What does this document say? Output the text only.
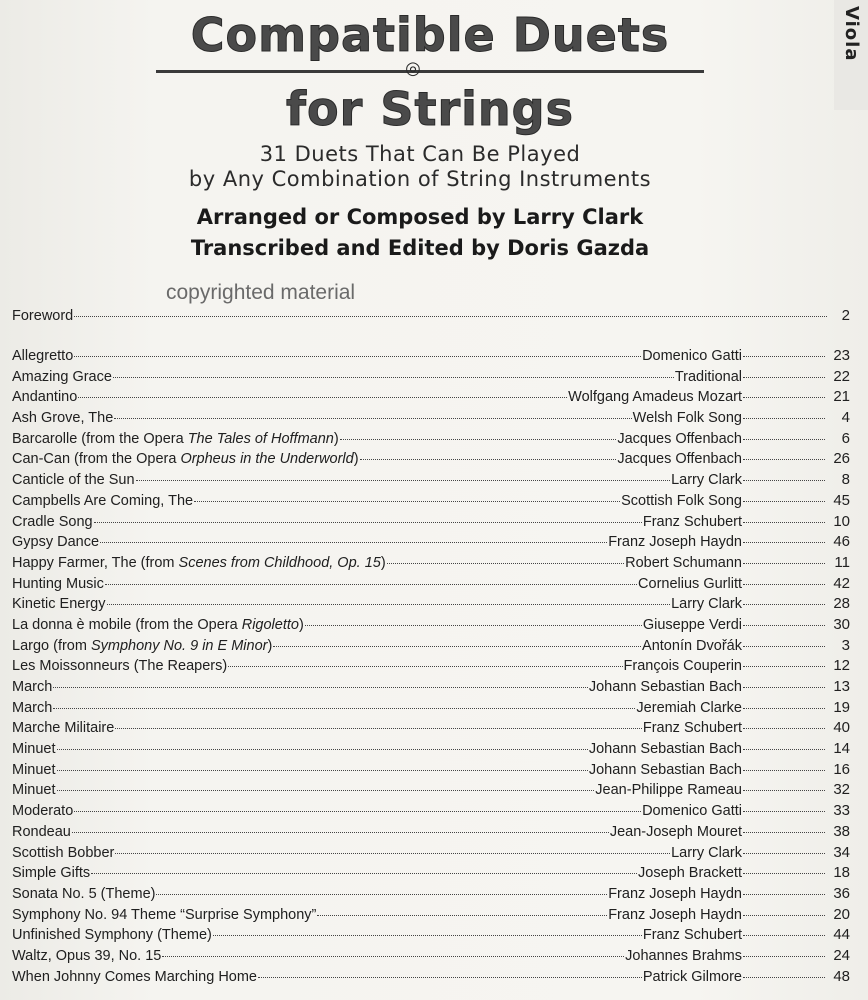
Viola
Compatible Duets
◎
for Strings
31 Duets That Can Be Played
by Any Combination of String Instruments
Arranged or Composed by Larry Clark
Transcribed and Edited by Doris Gazda
copyrighted material
Foreword	2
Allegretto	Domenico Gatti	23
Amazing Grace	Traditional	22
Andantino	Wolfgang Amadeus Mozart	21
Ash Grove, The	Welsh Folk Song	4
Barcarolle (from the Opera The Tales of Hoffmann)	Jacques Offenbach	6
Can-Can (from the Opera Orpheus in the Underworld)	Jacques Offenbach	26
Canticle of the Sun	Larry Clark	8
Campbells Are Coming, The	Scottish Folk Song	45
Cradle Song	Franz Schubert	10
Gypsy Dance	Franz Joseph Haydn	46
Happy Farmer, The (from Scenes from Childhood, Op. 15)	Robert Schumann	11
Hunting Music	Cornelius Gurlitt	42
Kinetic Energy	Larry Clark	28
La donna è mobile (from the Opera Rigoletto)	Giuseppe Verdi	30
Largo (from Symphony No. 9 in E Minor)	Antonín Dvořák	3
Les Moissonneurs (The Reapers)	François Couperin	12
March	Johann Sebastian Bach	13
March	Jeremiah Clarke	19
Marche Militaire	Franz Schubert	40
Minuet	Johann Sebastian Bach	14
Minuet	Johann Sebastian Bach	16
Minuet	Jean-Philippe Rameau	32
Moderato	Domenico Gatti	33
Rondeau	Jean-Joseph Mouret	38
Scottish Bobber	Larry Clark	34
Simple Gifts	Joseph Brackett	18
Sonata No. 5 (Theme)	Franz Joseph Haydn	36
Symphony No. 94 Theme “Surprise Symphony”	Franz Joseph Haydn	20
Unfinished Symphony (Theme)	Franz Schubert	44
Waltz, Opus 39, No. 15	Johannes Brahms	24
When Johnny Comes Marching Home	Patrick Gilmore	48
